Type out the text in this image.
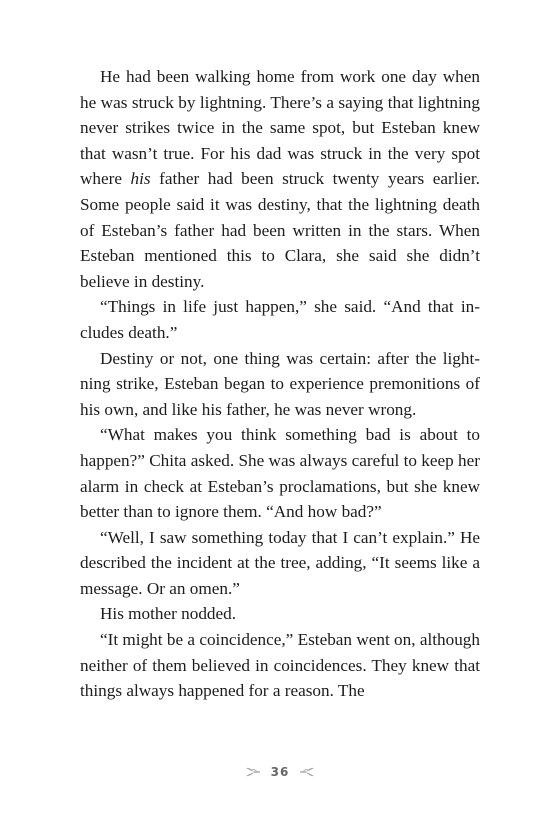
He had been walking home from work one day when he was struck by lightning. There’s a saying that lightning never strikes twice in the same spot, but Esteban knew that wasn’t true. For his dad was struck in the very spot where his father had been struck twenty years earlier. Some people said it was destiny, that the lightning death of Esteban’s father had been written in the stars. When Esteban mentioned this to Clara, she said she didn’t believe in destiny.

“Things in life just happen,” she said. “And that includes death.”

Destiny or not, one thing was certain: after the lightning strike, Esteban began to experience premonitions of his own, and like his father, he was never wrong.

“What makes you think something bad is about to happen?” Chita asked. She was always careful to keep her alarm in check at Esteban’s proclamations, but she knew better than to ignore them. “And how bad?”

“Well, I saw something today that I can’t explain.” He described the incident at the tree, adding, “It seems like a message. Or an omen.”

His mother nodded.

“It might be a coincidence,” Esteban went on, although neither of them believed in coincidences. They knew that things always happened for a reason. The

36
